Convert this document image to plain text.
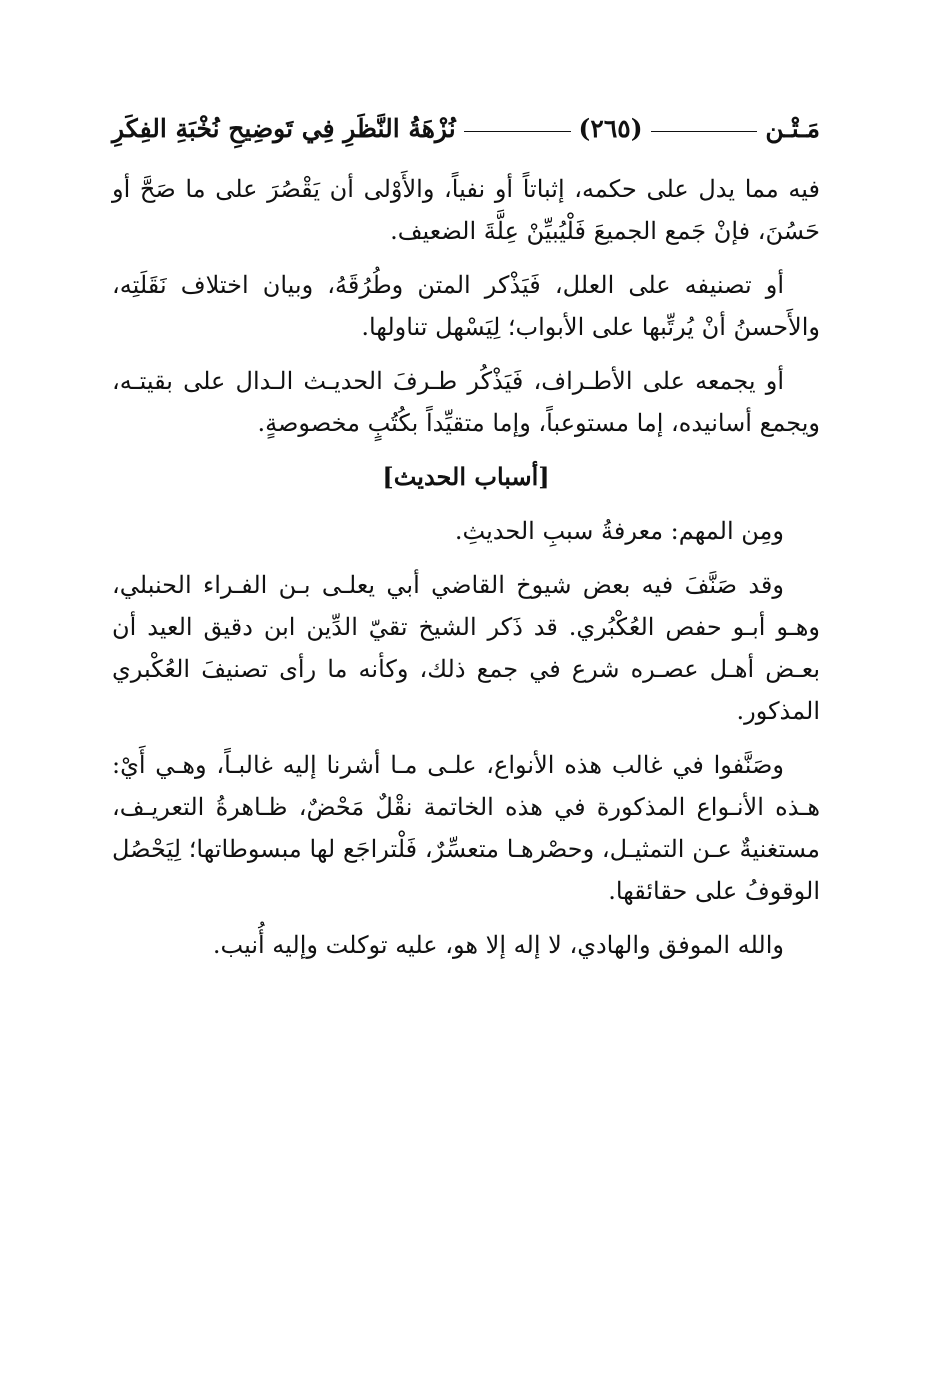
مَـتْـن
(٢٦٥)
نُزْهَةُ النَّظَرِ فِي تَوضِيحِ نُخْبَةِ الفِكَرِ

فيه مما يدل على حكمه، إثباتاً أو نفياً، والأَوْلى أن يَقْصُرَ على ما صَحَّ أو حَسُنَ، فإنْ جَمع الجميعَ فَلْيُبيِّنْ عِلَّةَ الضعيف.

أو تصنيفه على العلل، فَيَذْكر المتن وطُرُقَهُ، وبيان اختلاف نَقَلَتِه، والأَحسنُ أنْ يُرتِّبها على الأبواب؛ لِيَسْهل تناولها.

أو يجمعه على الأطـراف، فَيَذْكُر طـرفَ الحديـث الـدال على بقيتـه، ويجمع أسانيده، إما مستوعباً، وإما متقيِّداً بكُتُبٍ مخصوصةٍ.

[أسباب الحديث]

ومِن المهم: معرفةُ سببِ الحديثِ.

وقد صَنَّفَ فيه بعض شيوخ القاضي أبي يعلـى بـن الفـراء الحنبلي، وهـو أبـو حفص العُكْبُري. قد ذَكر الشيخ تقيّ الدِّين ابن دقيق العيد أن بعـض أهـل عصـره شرع في جمع ذلك، وكأنه ما رأى تصنيفَ العُكْبري المذكور.

وصَنَّفوا في غالب هذه الأنواع، علـى مـا أشرنا إليه غالبـاً، وهـي أَيْ: هـذه الأنـواع المذكورة في هذه الخاتمة نقْلٌ مَحْضٌ، ظـاهرةُ التعريـف، مستغنيةٌ عـن التمثيـل، وحصْرهـا متعسِّرٌ، فَلْتراجَع لها مبسوطاتها؛ لِيَحْصُل الوقوفُ على حقائقها.

والله الموفق والهادي، لا إله إلا هو، عليه توكلت وإليه أُنيب.
